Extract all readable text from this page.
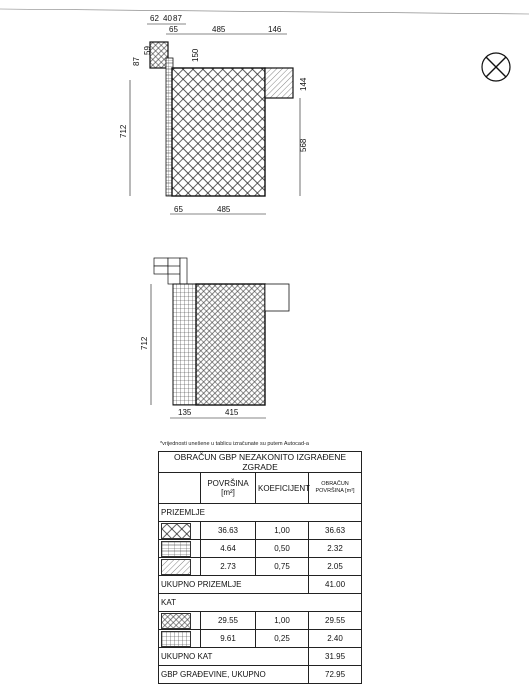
62 40 87
65	485	146
87
59	150
144
712
568
65	485
712
135	415
*vrijednosti unešene u tablicu izračunate su putem Autocad-a
OBRAČUN GBP NEZAKONITO IZGRAĐENE ZGRADE			
	POVRŠINA [m²]	KOEFICIJENT	OBRAČUN POVRŠINA [m²]
PRIZEMLJE			

	36.63	1,00	36.63

	4.64	0,50	2.32

	2.73	0,75	2.05
UKUPNO PRIZEMLJE			41.00
KAT			

	29.55	1,00	29.55

	9.61	0,25	2.40
UKUPNO KAT			31.95
GBP GRAĐEVINE, UKUPNO			72.95
